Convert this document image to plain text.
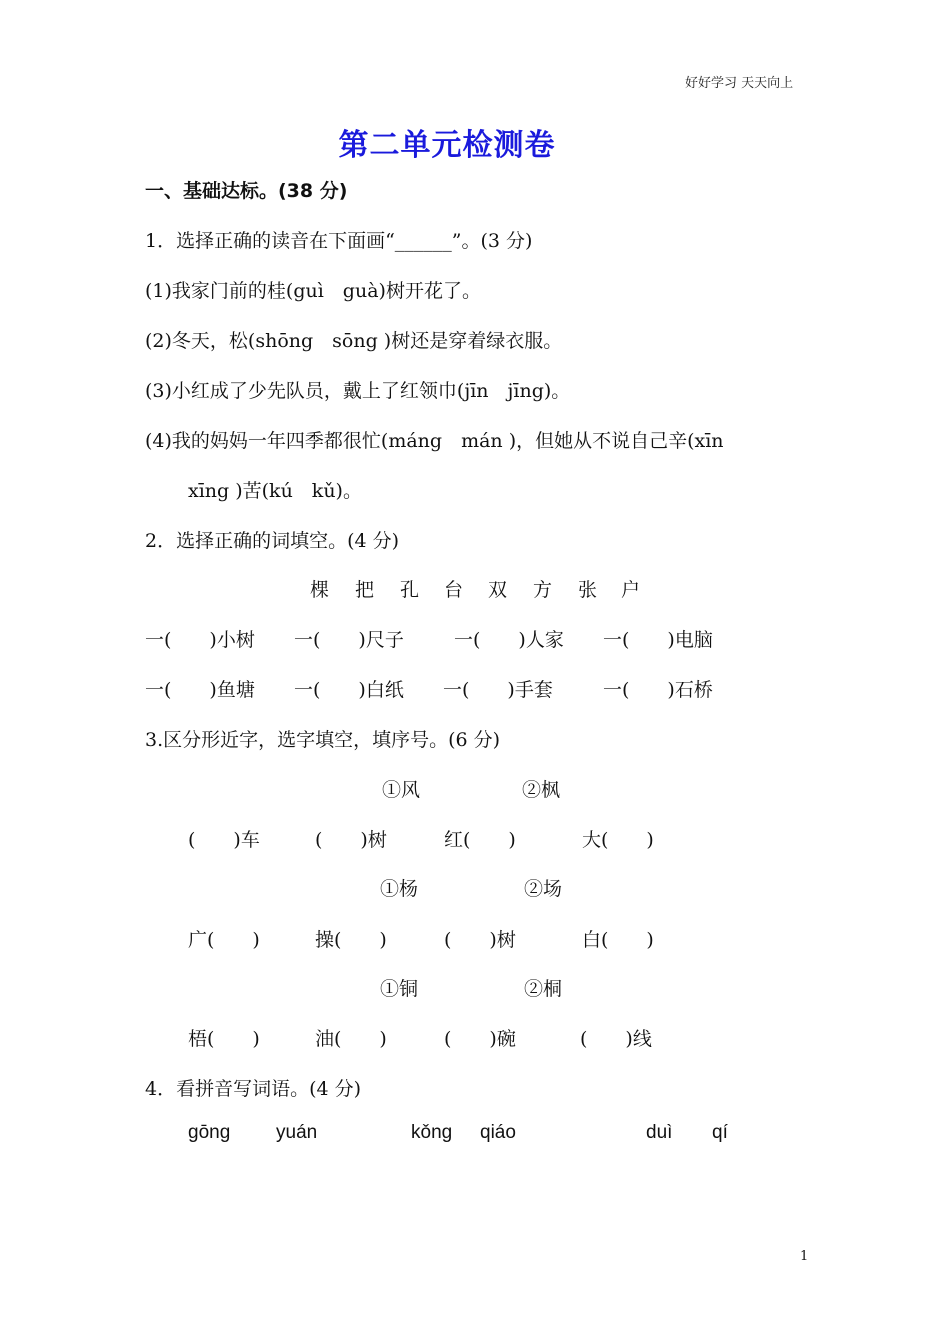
好好学习 天天向上
第二单元检测卷
一、基础达标。(38 分)
1．选择正确的读音在下面画“______”。(3 分)
(1)我家门前的桂(guì　guà)树开花了。
(2)冬天，松(shōng　sōng )树还是穿着绿衣服。
(3)小红成了少先队员，戴上了红领巾(jīn　jīng)。
(4)我的妈妈一年四季都很忙(máng　mán )，但她从不说自己辛(xīn
xīng )苦(kú　kǔ)。
2．选择正确的词填空。(4 分)
棵 把 孔 台 双 方 张 户
一(　　)小树 一(　　)尺子	一(　　)人家 一(　　)电脑
一(　　)鱼塘 一(　　)白纸 一(　　)手套	一(　　)石桥
3.区分形近字，选字填空，填序号。(6 分)
①风	②枫
(　　)车	(　　)树	红(　　)	大(　　)
①杨	②场
广(　　)	操(　　)	(　　)树	白(　　)
①铜	②桐
梧(　　)	油(　　)	(　　)碗	(　　)线
4．看拼音写词语。(4 分)
gōng yuán	kǒng qiáo	duì qí
1
